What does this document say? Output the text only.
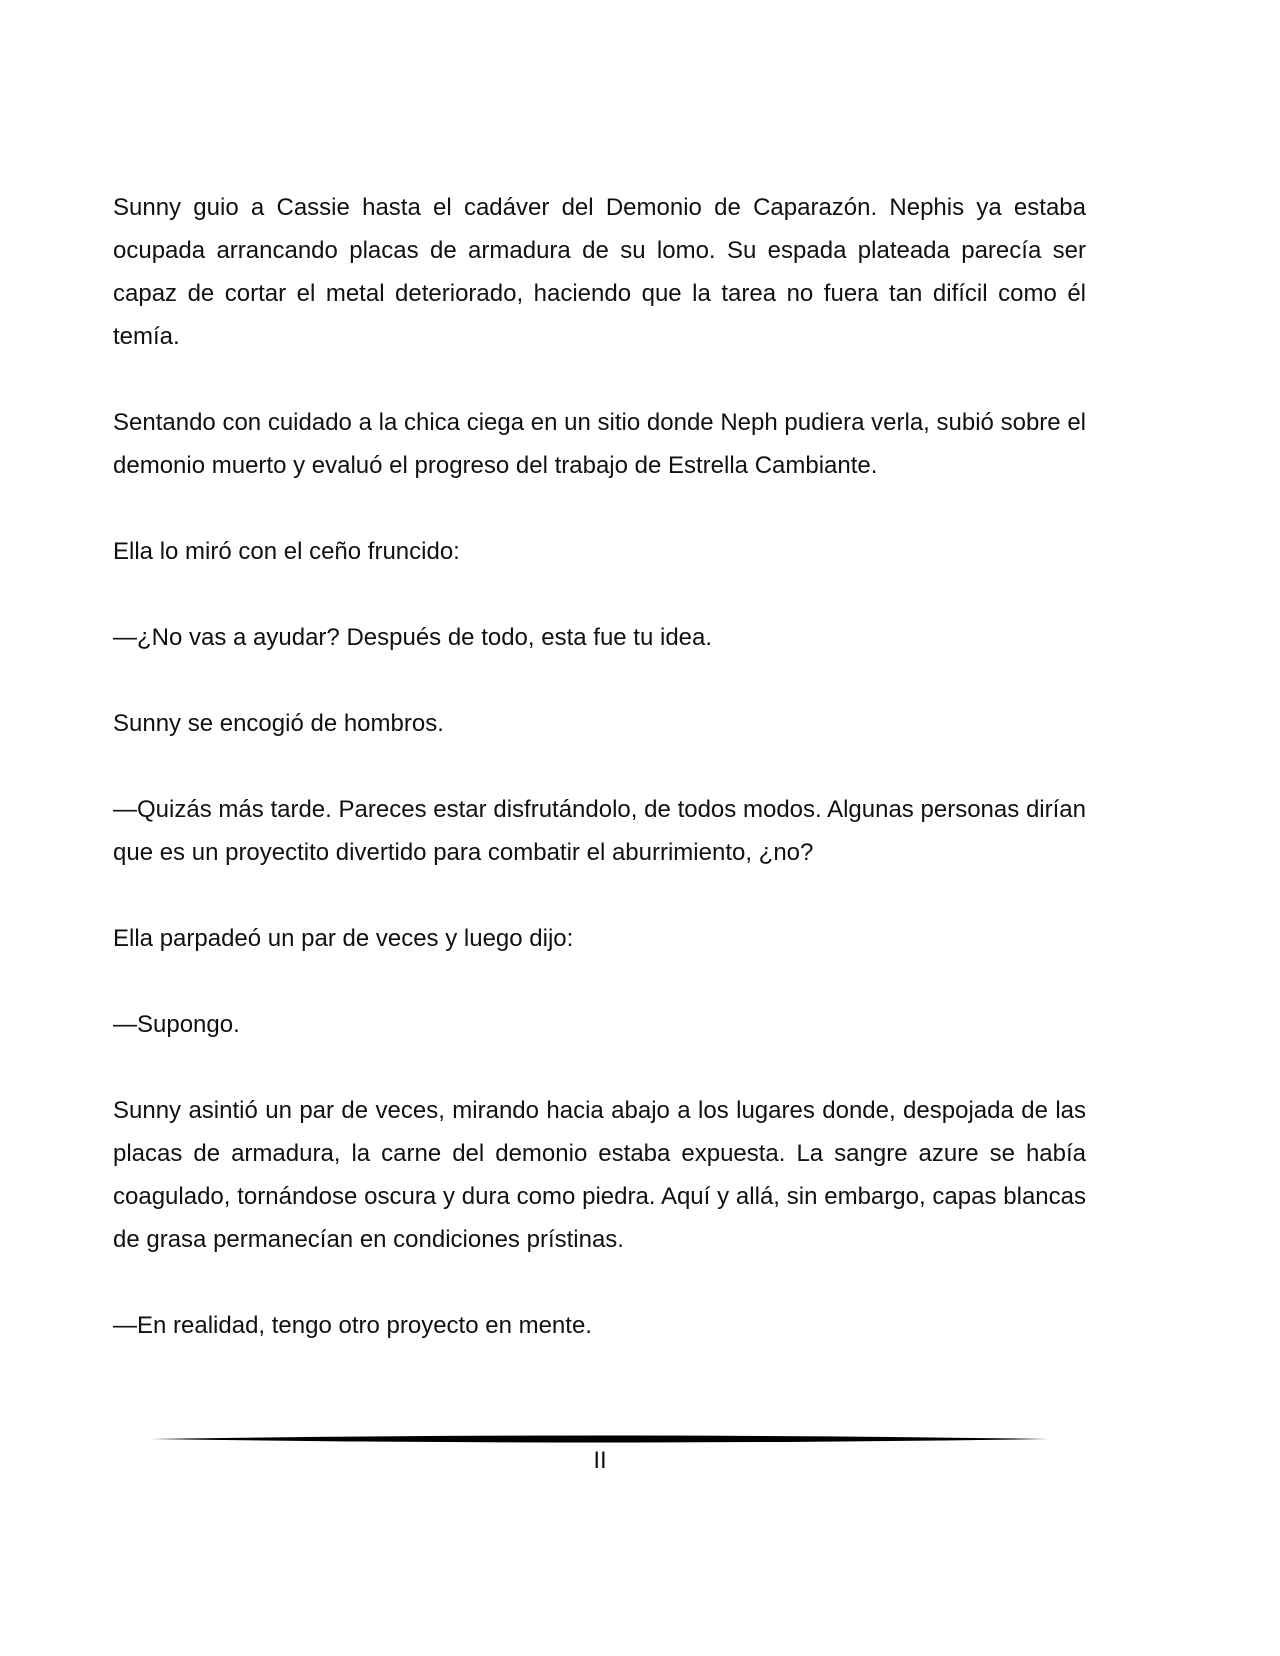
Sunny guio a Cassie hasta el cadáver del Demonio de Caparazón. Nephis ya estaba ocupada arrancando placas de armadura de su lomo. Su espada plateada parecía ser capaz de cortar el metal deteriorado, haciendo que la tarea no fuera tan difícil como él temía.

Sentando con cuidado a la chica ciega en un sitio donde Neph pudiera verla, subió sobre el demonio muerto y evaluó el progreso del trabajo de Estrella Cambiante.

Ella lo miró con el ceño fruncido:

—¿No vas a ayudar? Después de todo, esta fue tu idea.

Sunny se encogió de hombros.

—Quizás más tarde. Pareces estar disfrutándolo, de todos modos. Algunas personas dirían que es un proyectito divertido para combatir el aburrimiento, ¿no?

Ella parpadeó un par de veces y luego dijo:

—Supongo.

Sunny asintió un par de veces, mirando hacia abajo a los lugares donde, despojada de las placas de armadura, la carne del demonio estaba expuesta. La sangre azure se había coagulado, tornándose oscura y dura como piedra. Aquí y allá, sin embargo, capas blancas de grasa permanecían en condiciones prístinas.

—En realidad, tengo otro proyecto en mente.

II
